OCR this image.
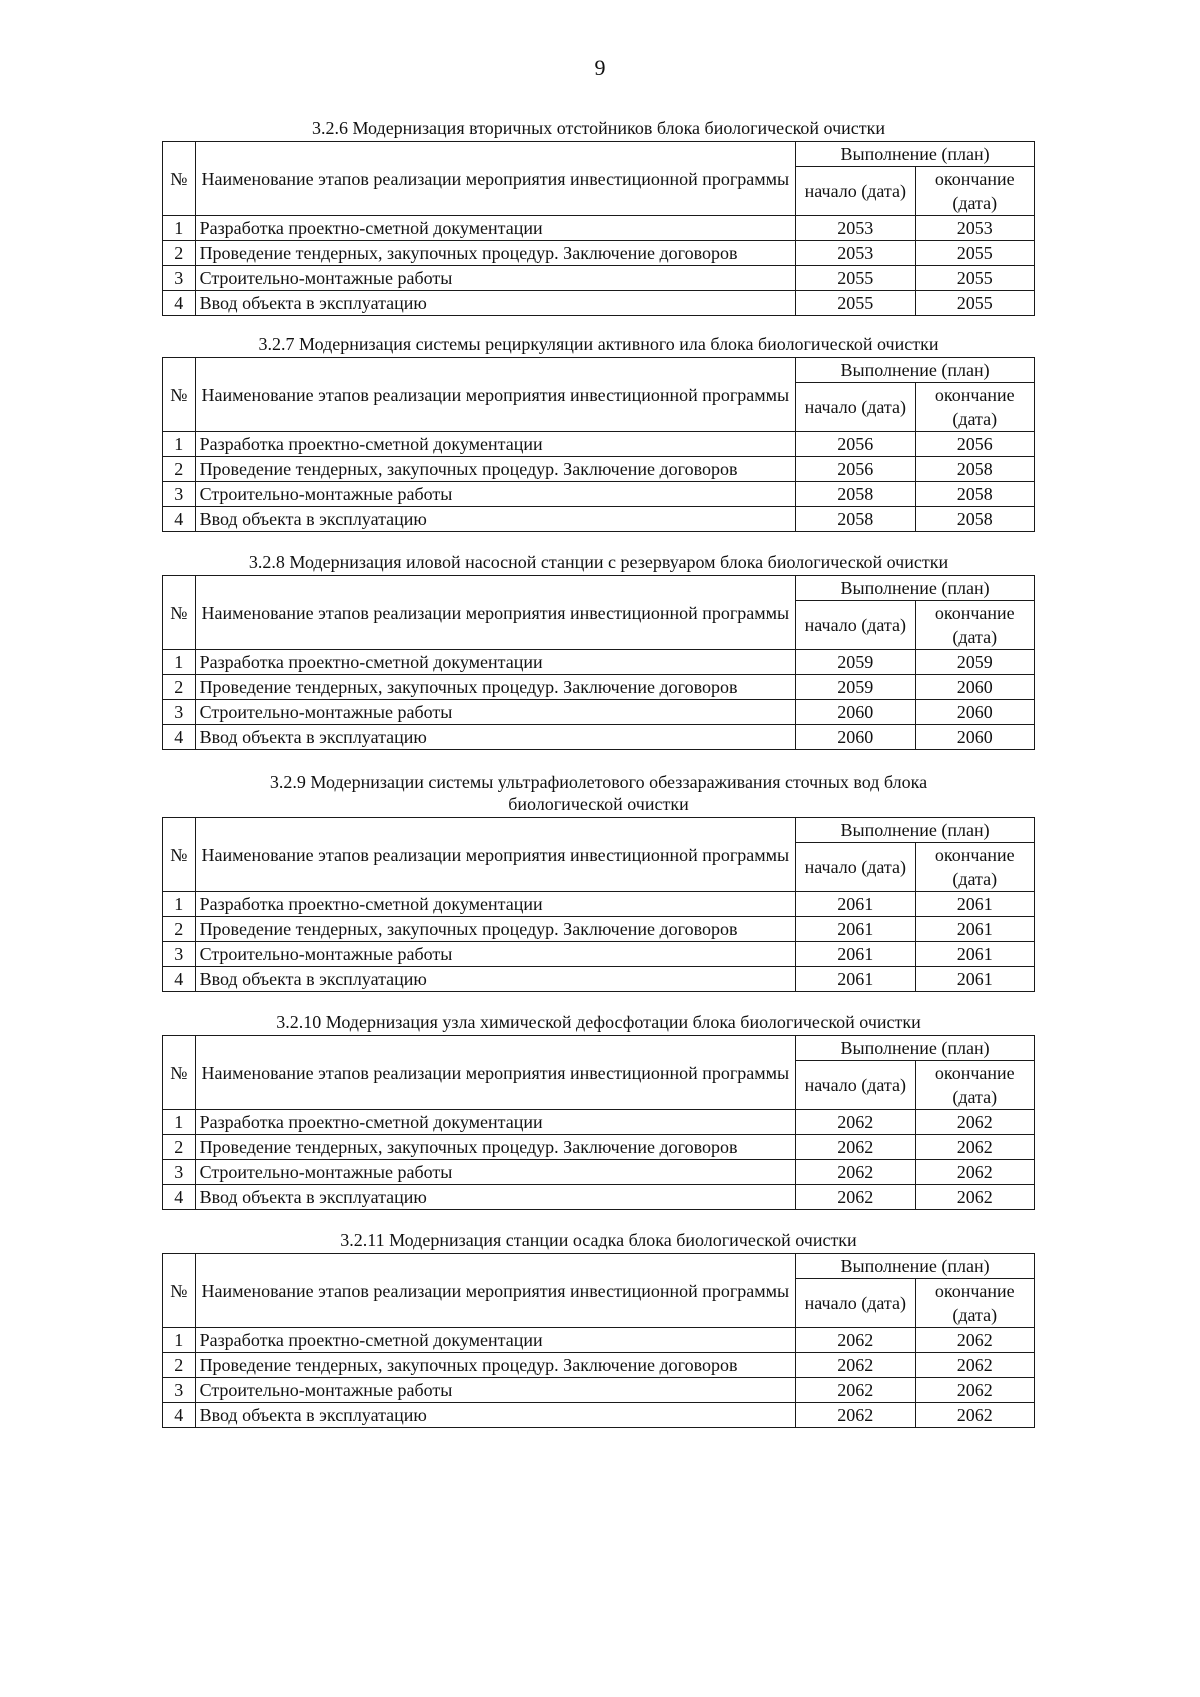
9
3.2.6 Модернизация вторичных отстойников блока биологической очистки
№	Наименование этапов реализации мероприятия инвестиционной программы	Выполнение (план)	
		начало (дата)	окончание (дата)
1	Разработка проектно-сметной документации	2053	2053
2	Проведение тендерных, закупочных процедур. Заключение договоров	2053	2055
3	Строительно-монтажные работы	2055	2055
4	Ввод объекта в эксплуатацию	2055	2055
3.2.7 Модернизация системы рециркуляции активного ила блока биологической очистки
№	Наименование этапов реализации мероприятия инвестиционной программы	Выполнение (план)	
		начало (дата)	окончание (дата)
1	Разработка проектно-сметной документации	2056	2056
2	Проведение тендерных, закупочных процедур. Заключение договоров	2056	2058
3	Строительно-монтажные работы	2058	2058
4	Ввод объекта в эксплуатацию	2058	2058
3.2.8 Модернизация иловой насосной станции с резервуаром блока биологической очистки
№	Наименование этапов реализации мероприятия инвестиционной программы	Выполнение (план)	
		начало (дата)	окончание (дата)
1	Разработка проектно-сметной документации	2059	2059
2	Проведение тендерных, закупочных процедур. Заключение договоров	2059	2060
3	Строительно-монтажные работы	2060	2060
4	Ввод объекта в эксплуатацию	2060	2060
3.2.9 Модернизации системы ультрафиолетового обеззараживания сточных вод блока биологической очистки
№	Наименование этапов реализации мероприятия инвестиционной программы	Выполнение (план)	
		начало (дата)	окончание (дата)
1	Разработка проектно-сметной документации	2061	2061
2	Проведение тендерных, закупочных процедур. Заключение договоров	2061	2061
3	Строительно-монтажные работы	2061	2061
4	Ввод объекта в эксплуатацию	2061	2061
3.2.10 Модернизация узла химической дефосфотации блока биологической очистки
№	Наименование этапов реализации мероприятия инвестиционной программы	Выполнение (план)	
		начало (дата)	окончание (дата)
1	Разработка проектно-сметной документации	2062	2062
2	Проведение тендерных, закупочных процедур. Заключение договоров	2062	2062
3	Строительно-монтажные работы	2062	2062
4	Ввод объекта в эксплуатацию	2062	2062
3.2.11 Модернизация станции осадка блока биологической очистки
№	Наименование этапов реализации мероприятия инвестиционной программы	Выполнение (план)	
		начало (дата)	окончание (дата)
1	Разработка проектно-сметной документации	2062	2062
2	Проведение тендерных, закупочных процедур. Заключение договоров	2062	2062
3	Строительно-монтажные работы	2062	2062
4	Ввод объекта в эксплуатацию	2062	2062
